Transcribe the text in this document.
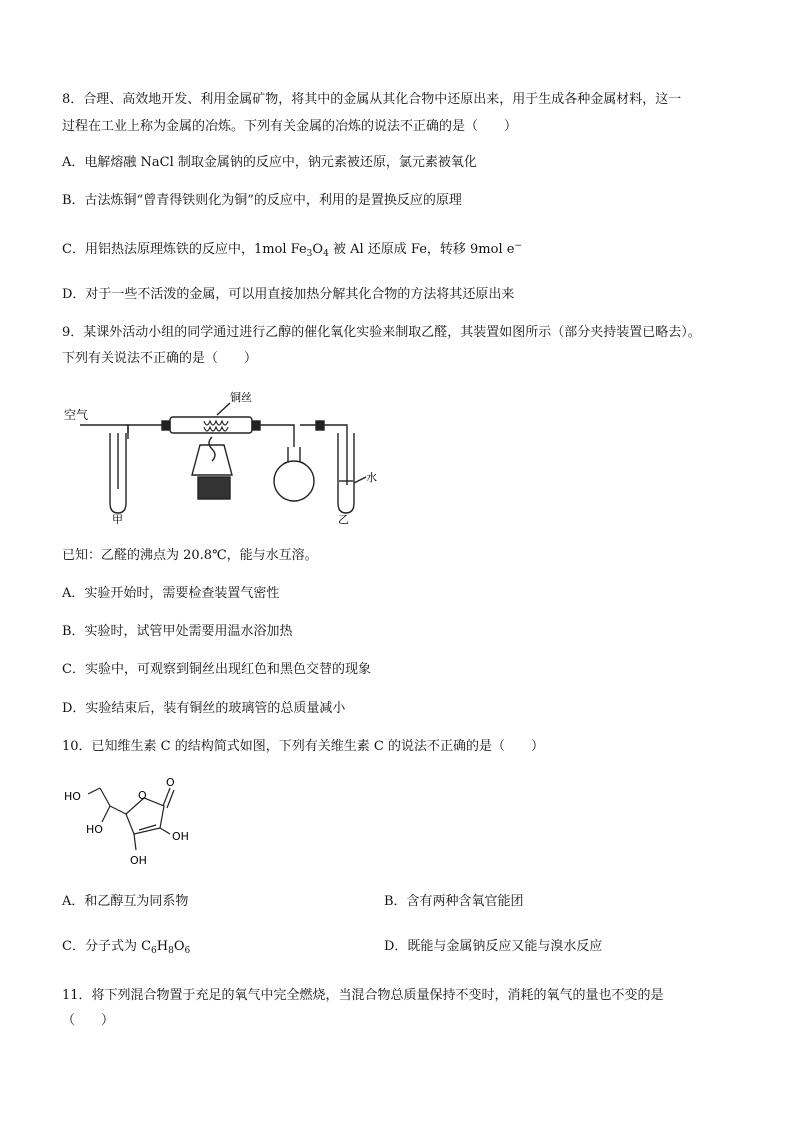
8．合理、高效地开发、利用金属矿物，将其中的金属从其化合物中还原出来，用于生成各种金属材料，这一
过程在工业上称为金属的冶炼。下列有关金属的冶炼的说法不正确的是（　　）
A．电解熔融 NaCl 制取金属钠的反应中，钠元素被还原，氯元素被氧化
B．古法炼铜“曾青得铁则化为铜”的反应中，利用的是置换反应的原理
C．用铝热法原理炼铁的反应中，1mol $Fe_3O_4$ 被 Al 还原成 Fe，转移 9mol e−
D．对于一些不活泼的金属，可以用直接加热分解其化合物的方法将其还原出来
9．某课外活动小组的同学通过进行乙醇的催化氧化实验来制取乙醛，其装置如图所示（部分夹持装置已略去）。
下列有关说法不正确的是（　　）
空气
铜丝
甲	乙
水
已知：乙醛的沸点为 20.8℃，能与水互溶。
A．实验开始时，需要检查装置气密性
B．实验时，试管甲处需要用温水浴加热
C．实验中，可观察到铜丝出现红色和黑色交替的现象
D．实验结束后，装有铜丝的玻璃管的总质量减小
10．已知维生素 C 的结构简式如图，下列有关维生素 C 的说法不正确的是（　　）
HO	O
O
HO
OH
OH
A．和乙醇互为同系物	B．含有两种含氧官能团
C．分子式为 $C_6H_8O_6$	D．既能与金属钠反应又能与溴水反应
11．将下列混合物置于充足的氧气中完全燃烧，当混合物总质量保持不变时，消耗的氧气的量也不变的是
（　　）
